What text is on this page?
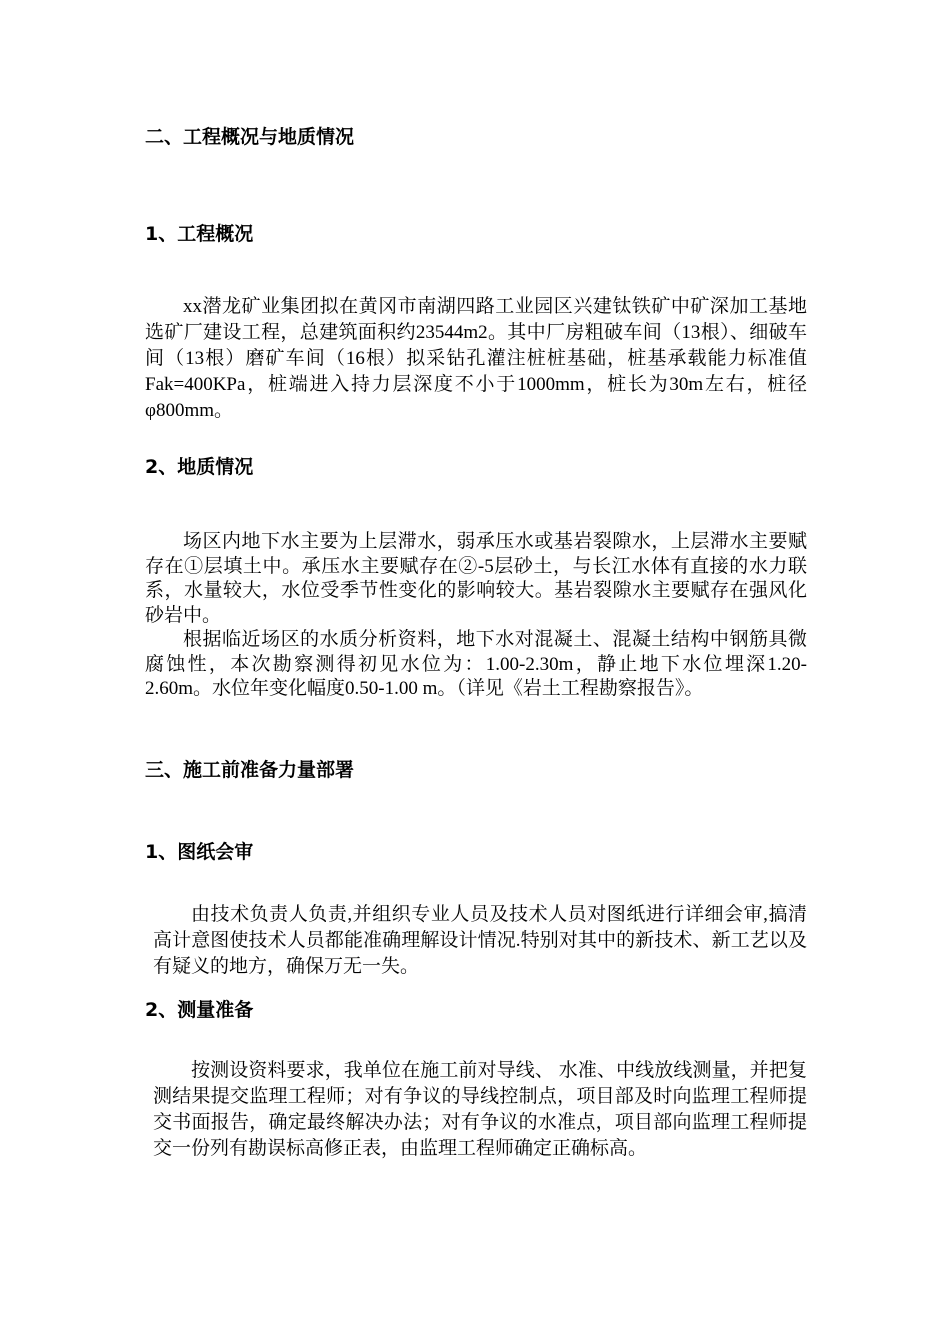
二、工程概况与地质情况
1、工程概况
xx潜龙矿业集团拟在黄冈市南湖四路工业园区兴建钛铁矿中矿深加工基地选矿厂建设工程，总建筑面积约23544m2。其中厂房粗破车间（13根）、细破车间（13根）磨矿车间（16根）拟采钻孔灌注桩桩基础，桩基承载能力标准值Fak=400KPa，桩端进入持力层深度不小于1000mm，桩长为30m左右，桩径φ800mm。
2、地质情况
场区内地下水主要为上层滞水，弱承压水或基岩裂隙水，上层滞水主要赋存在①层填土中。承压水主要赋存在②-5层砂土，与长江水体有直接的水力联系，水量较大，水位受季节性变化的影响较大。基岩裂隙水主要赋存在强风化砂岩中。
根据临近场区的水质分析资料，地下水对混凝土、混凝土结构中钢筋具微腐蚀性，本次勘察测得初见水位为：1.00-2.30m，静止地下水位埋深1.20-2.60m。水位年变化幅度0.50-1.00 m。（详见《岩土工程勘察报告》。
三、施工前准备力量部署
1、图纸会审
由技术负责人负责,并组织专业人员及技术人员对图纸进行详细会审,搞清高计意图使技术人员都能准确理解设计情况.特别对其中的新技术、新工艺以及有疑义的地方，确保万无一失。
2、测量准备
按测设资料要求，我单位在施工前对导线、 水准、中线放线测量，并把复测结果提交监理工程师；对有争议的导线控制点，项目部及时向监理工程师提交书面报告，确定最终解决办法；对有争议的水准点，项目部向监理工程师提交一份列有勘误标高修正表，由监理工程师确定正确标高。
